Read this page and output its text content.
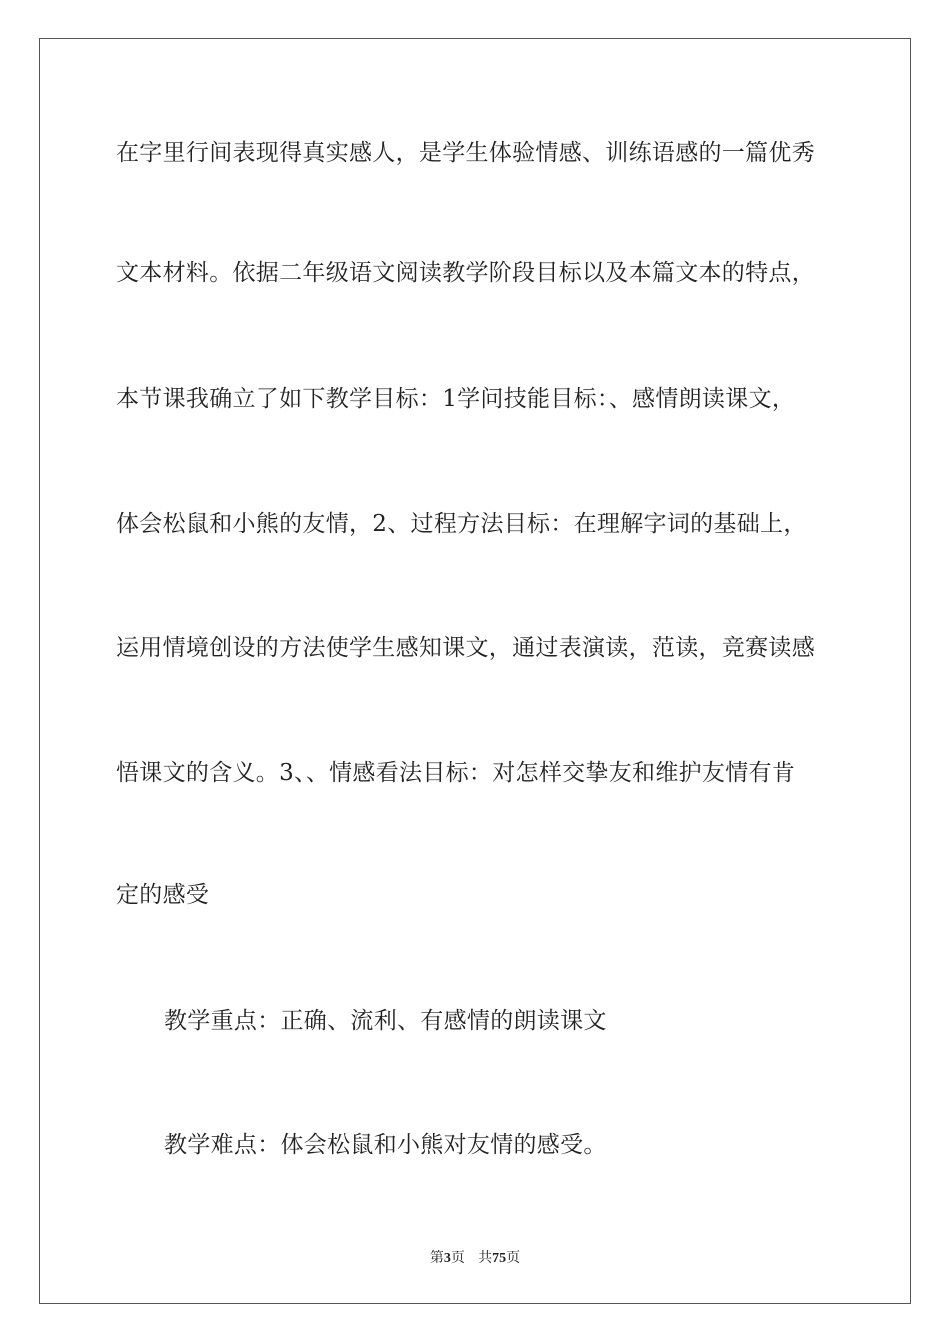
在字里行间表现得真实感人，是学生体验情感、训练语感的一篇优秀

文本材料。依据二年级语文阅读教学阶段目标以及本篇文本的特点，

本节课我确立了如下教学目标：1学问技能目标：、感情朗读课文，

体会松鼠和小熊的友情，2、过程方法目标：在理解字词的基础上，

运用情境创设的方法使学生感知课文，通过表演读，范读，竞赛读感

悟课文的含义。3、、情感看法目标：对怎样交挚友和维护友情有肯

定的感受

教学重点：正确、流利、有感情的朗读课文

教学难点：体会松鼠和小熊对友情的感受。

第3页 共75页
